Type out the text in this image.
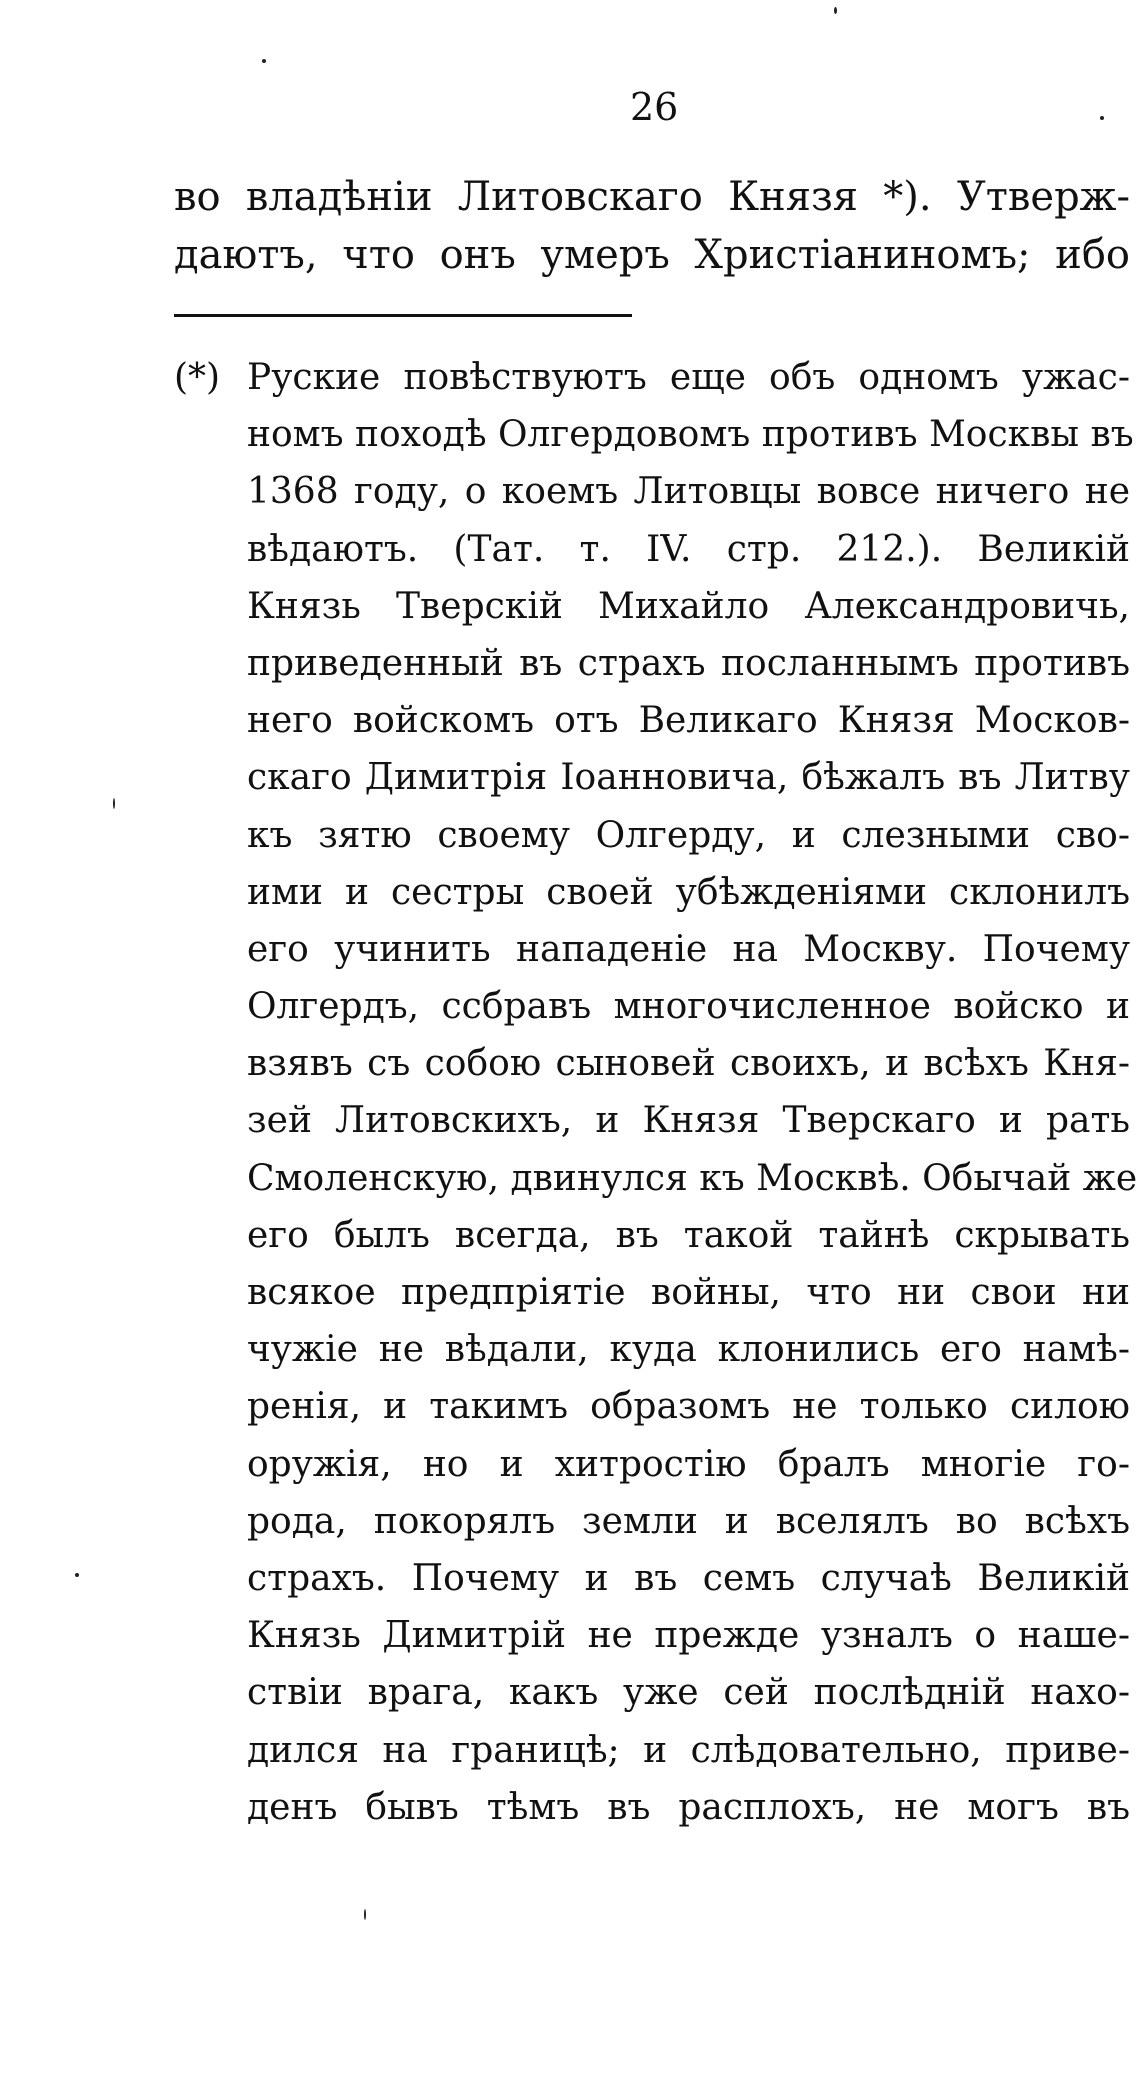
26
во владѣніи Литовскаго Князя *). Утверж-
даютъ, что онъ умеръ Христіаниномъ; ибо
(*) Руские повѣствуютъ еще объ одномъ ужас-
номъ походѣ Олгердовомъ противъ Москвы въ
1368 году, о коемъ Литовцы вовсе ничего не
вѣдаютъ. (Тат. т. IV. стр. 212.). Великій
Князь Тверскій Михайло Александровичь,
приведенный въ страхъ посланнымъ противъ
него войскомъ отъ Великаго Князя Москов-
скаго Димитрія Іоанновича, бѣжалъ въ Литву
къ зятю своему Олгерду, и слезными сво-
ими и сестры своей убѣжденіями склонилъ
его учинить нападеніе на Москву. Почему
Олгердъ, ссбравъ многочисленное войско и
взявъ съ собою сыновей своихъ, и всѣхъ Кня-
зей Литовскихъ, и Князя Тверскаго и рать
Смоленскую, двинулся къ Москвѣ. Обычай же
его былъ всегда, въ такой тайнѣ скрывать
всякое предпріятіе войны, что ни свои ни
чужіе не вѣдали, куда клонились его намѣ-
ренія, и такимъ образомъ не только силою
оружія, но и хитростію бралъ многіе го-
рода, покорялъ земли и вселялъ во всѣхъ
страхъ. Почему и въ семъ случаѣ Великій
Князь Димитрій не прежде узналъ о наше-
ствіи врага, какъ уже сей послѣдній нахо-
дился на границѣ; и слѣдовательно, приве-
денъ бывъ тѣмъ въ расплохъ, не могъ въ
